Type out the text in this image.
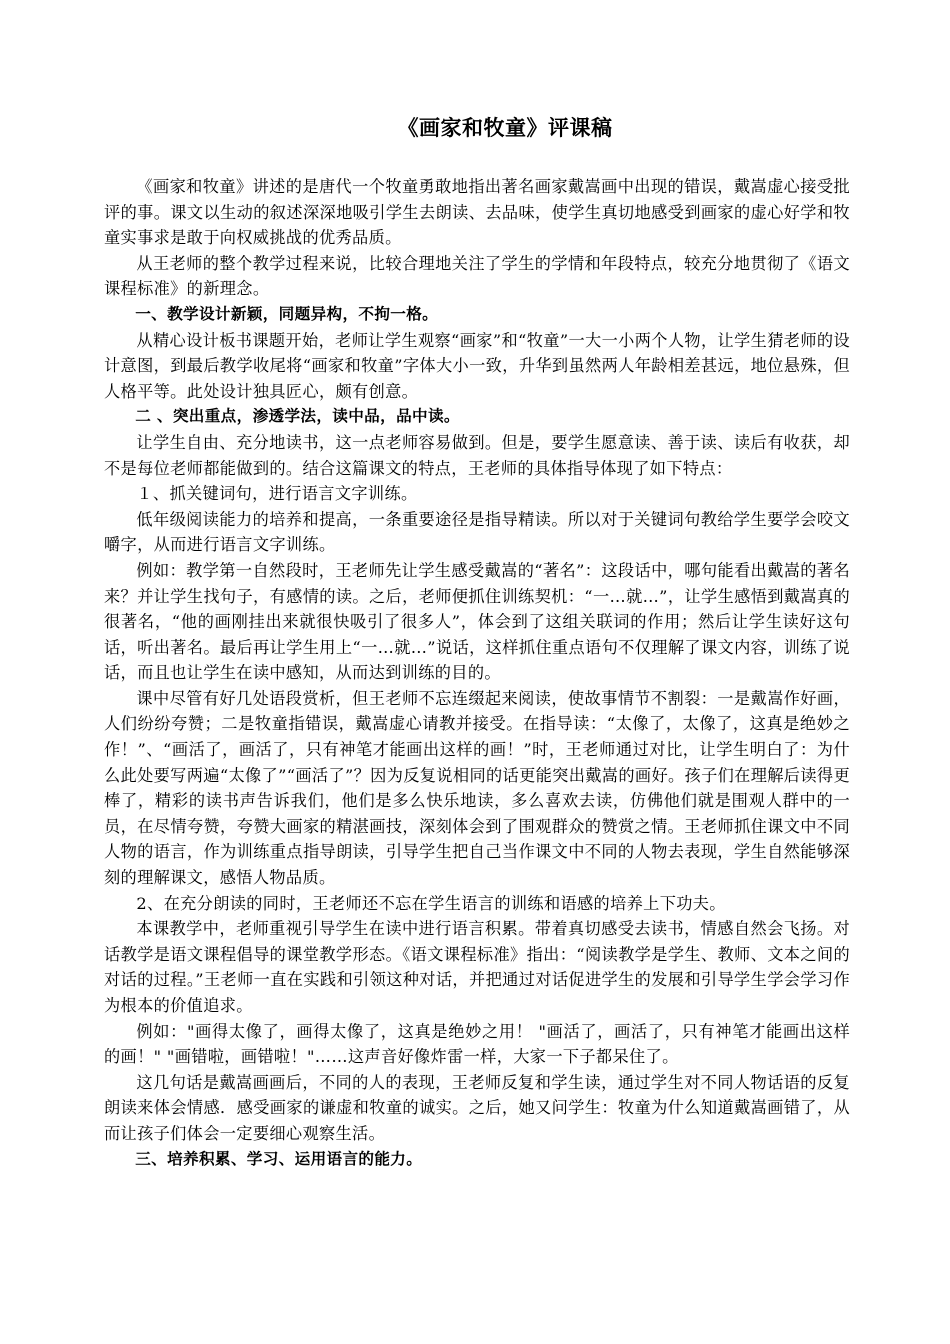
《画家和牧童》评课稿

《画家和牧童》讲述的是唐代一个牧童勇敢地指出著名画家戴嵩画中出现的错误，戴嵩虚心接受批评的事。课文以生动的叙述深深地吸引学生去朗读、去品味，使学生真切地感受到画家的虚心好学和牧童实事求是敢于向权威挑战的优秀品质。

从王老师的整个教学过程来说，比较合理地关注了学生的学情和年段特点，较充分地贯彻了《语文课程标准》的新理念。

一、教学设计新颖，同题异构，不拘一格。

从精心设计板书课题开始，老师让学生观察“画家”和“牧童”一大一小两个人物，让学生猜老师的设计意图，到最后教学收尾将“画家和牧童”字体大小一致，升华到虽然两人年龄相差甚远，地位悬殊，但人格平等。此处设计独具匠心，颇有创意。

二 、突出重点，渗透学法，读中品，品中读。

让学生自由、充分地读书，这一点老师容易做到。但是，要学生愿意读、善于读、读后有收获，却不是每位老师都能做到的。结合这篇课文的特点，王老师的具体指导体现了如下特点：

１、抓关键词句，进行语言文字训练。

低年级阅读能力的培养和提高，一条重要途径是指导精读。所以对于关键词句教给学生要学会咬文嚼字，从而进行语言文字训练。

例如：教学第一自然段时，王老师先让学生感受戴嵩的“著名”：这段话中，哪句能看出戴嵩的著名来？并让学生找句子，有感情的读。之后，老师便抓住训练契机：“一…就…”，让学生感悟到戴嵩真的很著名，“他的画刚挂出来就很快吸引了很多人”，体会到了这组关联词的作用；然后让学生读好这句话，听出著名。最后再让学生用上“一…就…”说话，这样抓住重点语句不仅理解了课文内容，训练了说话，而且也让学生在读中感知，从而达到训练的目的。

课中尽管有好几处语段赏析，但王老师不忘连缀起来阅读，使故事情节不割裂：一是戴嵩作好画，人们纷纷夸赞；二是牧童指错误，戴嵩虚心请教并接受。在指导读：“太像了，太像了，这真是绝妙之作！”、“画活了，画活了，只有神笔才能画出这样的画！”时，王老师通过对比，让学生明白了：为什么此处要写两遍“太像了”“画活了”？因为反复说相同的话更能突出戴嵩的画好。孩子们在理解后读得更棒了，精彩的读书声告诉我们，他们是多么快乐地读，多么喜欢去读，仿佛他们就是围观人群中的一员，在尽情夸赞，夸赞大画家的精湛画技，深刻体会到了围观群众的赞赏之情。王老师抓住课文中不同人物的语言，作为训练重点指导朗读，引导学生把自己当作课文中不同的人物去表现，学生自然能够深刻的理解课文，感悟人物品质。

2、在充分朗读的同时，王老师还不忘在学生语言的训练和语感的培养上下功夫。

本课教学中，老师重视引导学生在读中进行语言积累。带着真切感受去读书，情感自然会飞扬。对话教学是语文课程倡导的课堂教学形态。《语文课程标准》指出：“阅读教学是学生、教师、文本之间的对话的过程。”王老师一直在实践和引领这种对话，并把通过对话促进学生的发展和引导学生学会学习作为根本的价值追求。

例如："画得太像了，画得太像了，这真是绝妙之用！ "画活了，画活了，只有神笔才能画出这样的画！" "画错啦，画错啦！"……这声音好像炸雷一样，大家一下子都呆住了。

这几句话是戴嵩画画后，不同的人的表现，王老师反复和学生读，通过学生对不同人物话语的反复朗读来体会情感．感受画家的谦虚和牧童的诚实。之后，她又问学生：牧童为什么知道戴嵩画错了，从而让孩子们体会一定要细心观察生活。

三、培养积累、学习、运用语言的能力。
